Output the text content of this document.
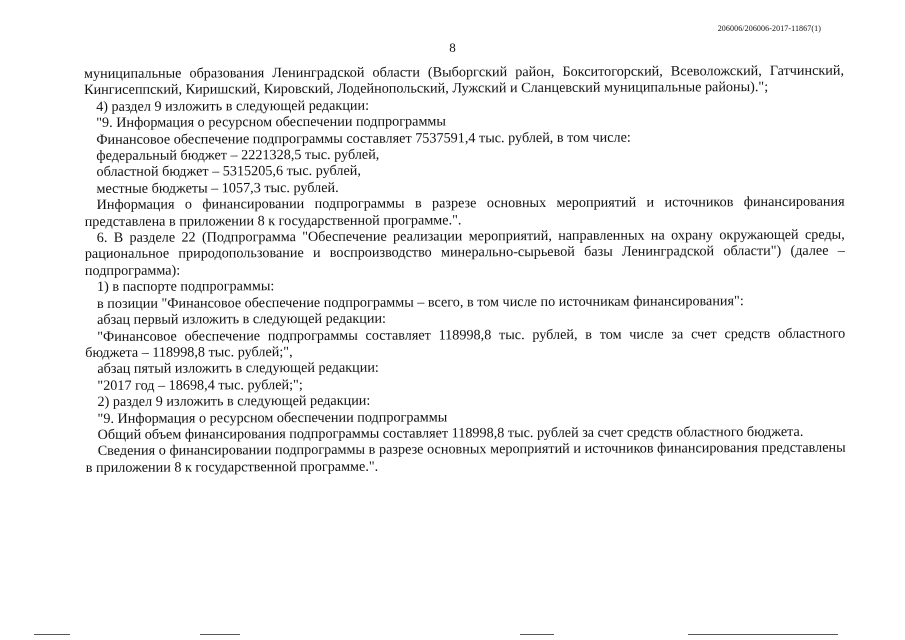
206006/206006-2017-11867(1)
8

муниципальные образования Ленинградской области (Выборгский район, Бокситогорский, Всеволожский, Гатчинский, Кингисеппский, Киришский, Кировский, Лодейнопольский, Лужский и Сланцевский муниципальные районы).";

4) раздел 9 изложить в следующей редакции:

"9. Информация о ресурсном обеспечении подпрограммы

Финансовое обеспечение подпрограммы составляет 7537591,4 тыс. рублей, в том числе:

федеральный бюджет – 2221328,5 тыс. рублей,

областной бюджет – 5315205,6 тыс. рублей,

местные бюджеты – 1057,3 тыс. рублей.

Информация о финансировании подпрограммы в разрезе основных мероприятий и источников финансирования представлена в приложении 8 к государственной программе.".

6. В разделе 22 (Подпрограмма "Обеспечение реализации мероприятий, направленных на охрану окружающей среды, рациональное природопользование и воспроизводство минерально-сырьевой базы Ленинградской области") (далее – подпрограмма):

1) в паспорте подпрограммы:

в позиции "Финансовое обеспечение подпрограммы – всего, в том числе по источникам финансирования":

абзац первый изложить в следующей редакции:

"Финансовое обеспечение подпрограммы составляет 118998,8 тыс. рублей, в том числе за счет средств областного бюджета – 118998,8 тыс. рублей;",

абзац пятый изложить в следующей редакции:

"2017 год – 18698,4 тыс. рублей;";

2) раздел 9 изложить в следующей редакции:

"9. Информация о ресурсном обеспечении подпрограммы

Общий объем финансирования подпрограммы составляет 118998,8 тыс. рублей за счет средств областного бюджета.

Сведения о финансировании подпрограммы в разрезе основных мероприятий и источников финансирования представлены в приложении 8 к государственной программе.".
